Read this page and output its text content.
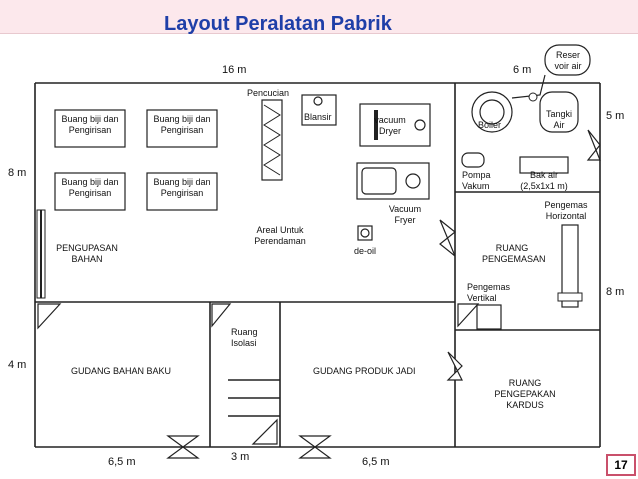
Layout Peralatan Pabrik
16 m	6 m
8 m
4 m
5 m
8 m
6,5 m	3 m	6,5 m
Buang biji dan
Pengirisan
Buang biji dan
Pengirisan
Buang biji dan
Pengirisan
Buang biji dan
Pengirisan
Pencucian
Blansir	vacuum
Dryer
Vacuum
Fryer
Areal Untuk
Perendaman
de-oil
PENGUPASAN
BAHAN
Reser
voir air
Boiler
Tangki
Air
Pompa
Vakum
Bak air
(2,5x1x1 m)
Pengemas
Horizontal
RUANG
PENGEMASAN
Pengemas
Vertikal
Ruang
Isolasi
GUDANG BAHAN BAKU	GUDANG PRODUK JADI
RUANG
PENGEPAKAN
KARDUS
17
